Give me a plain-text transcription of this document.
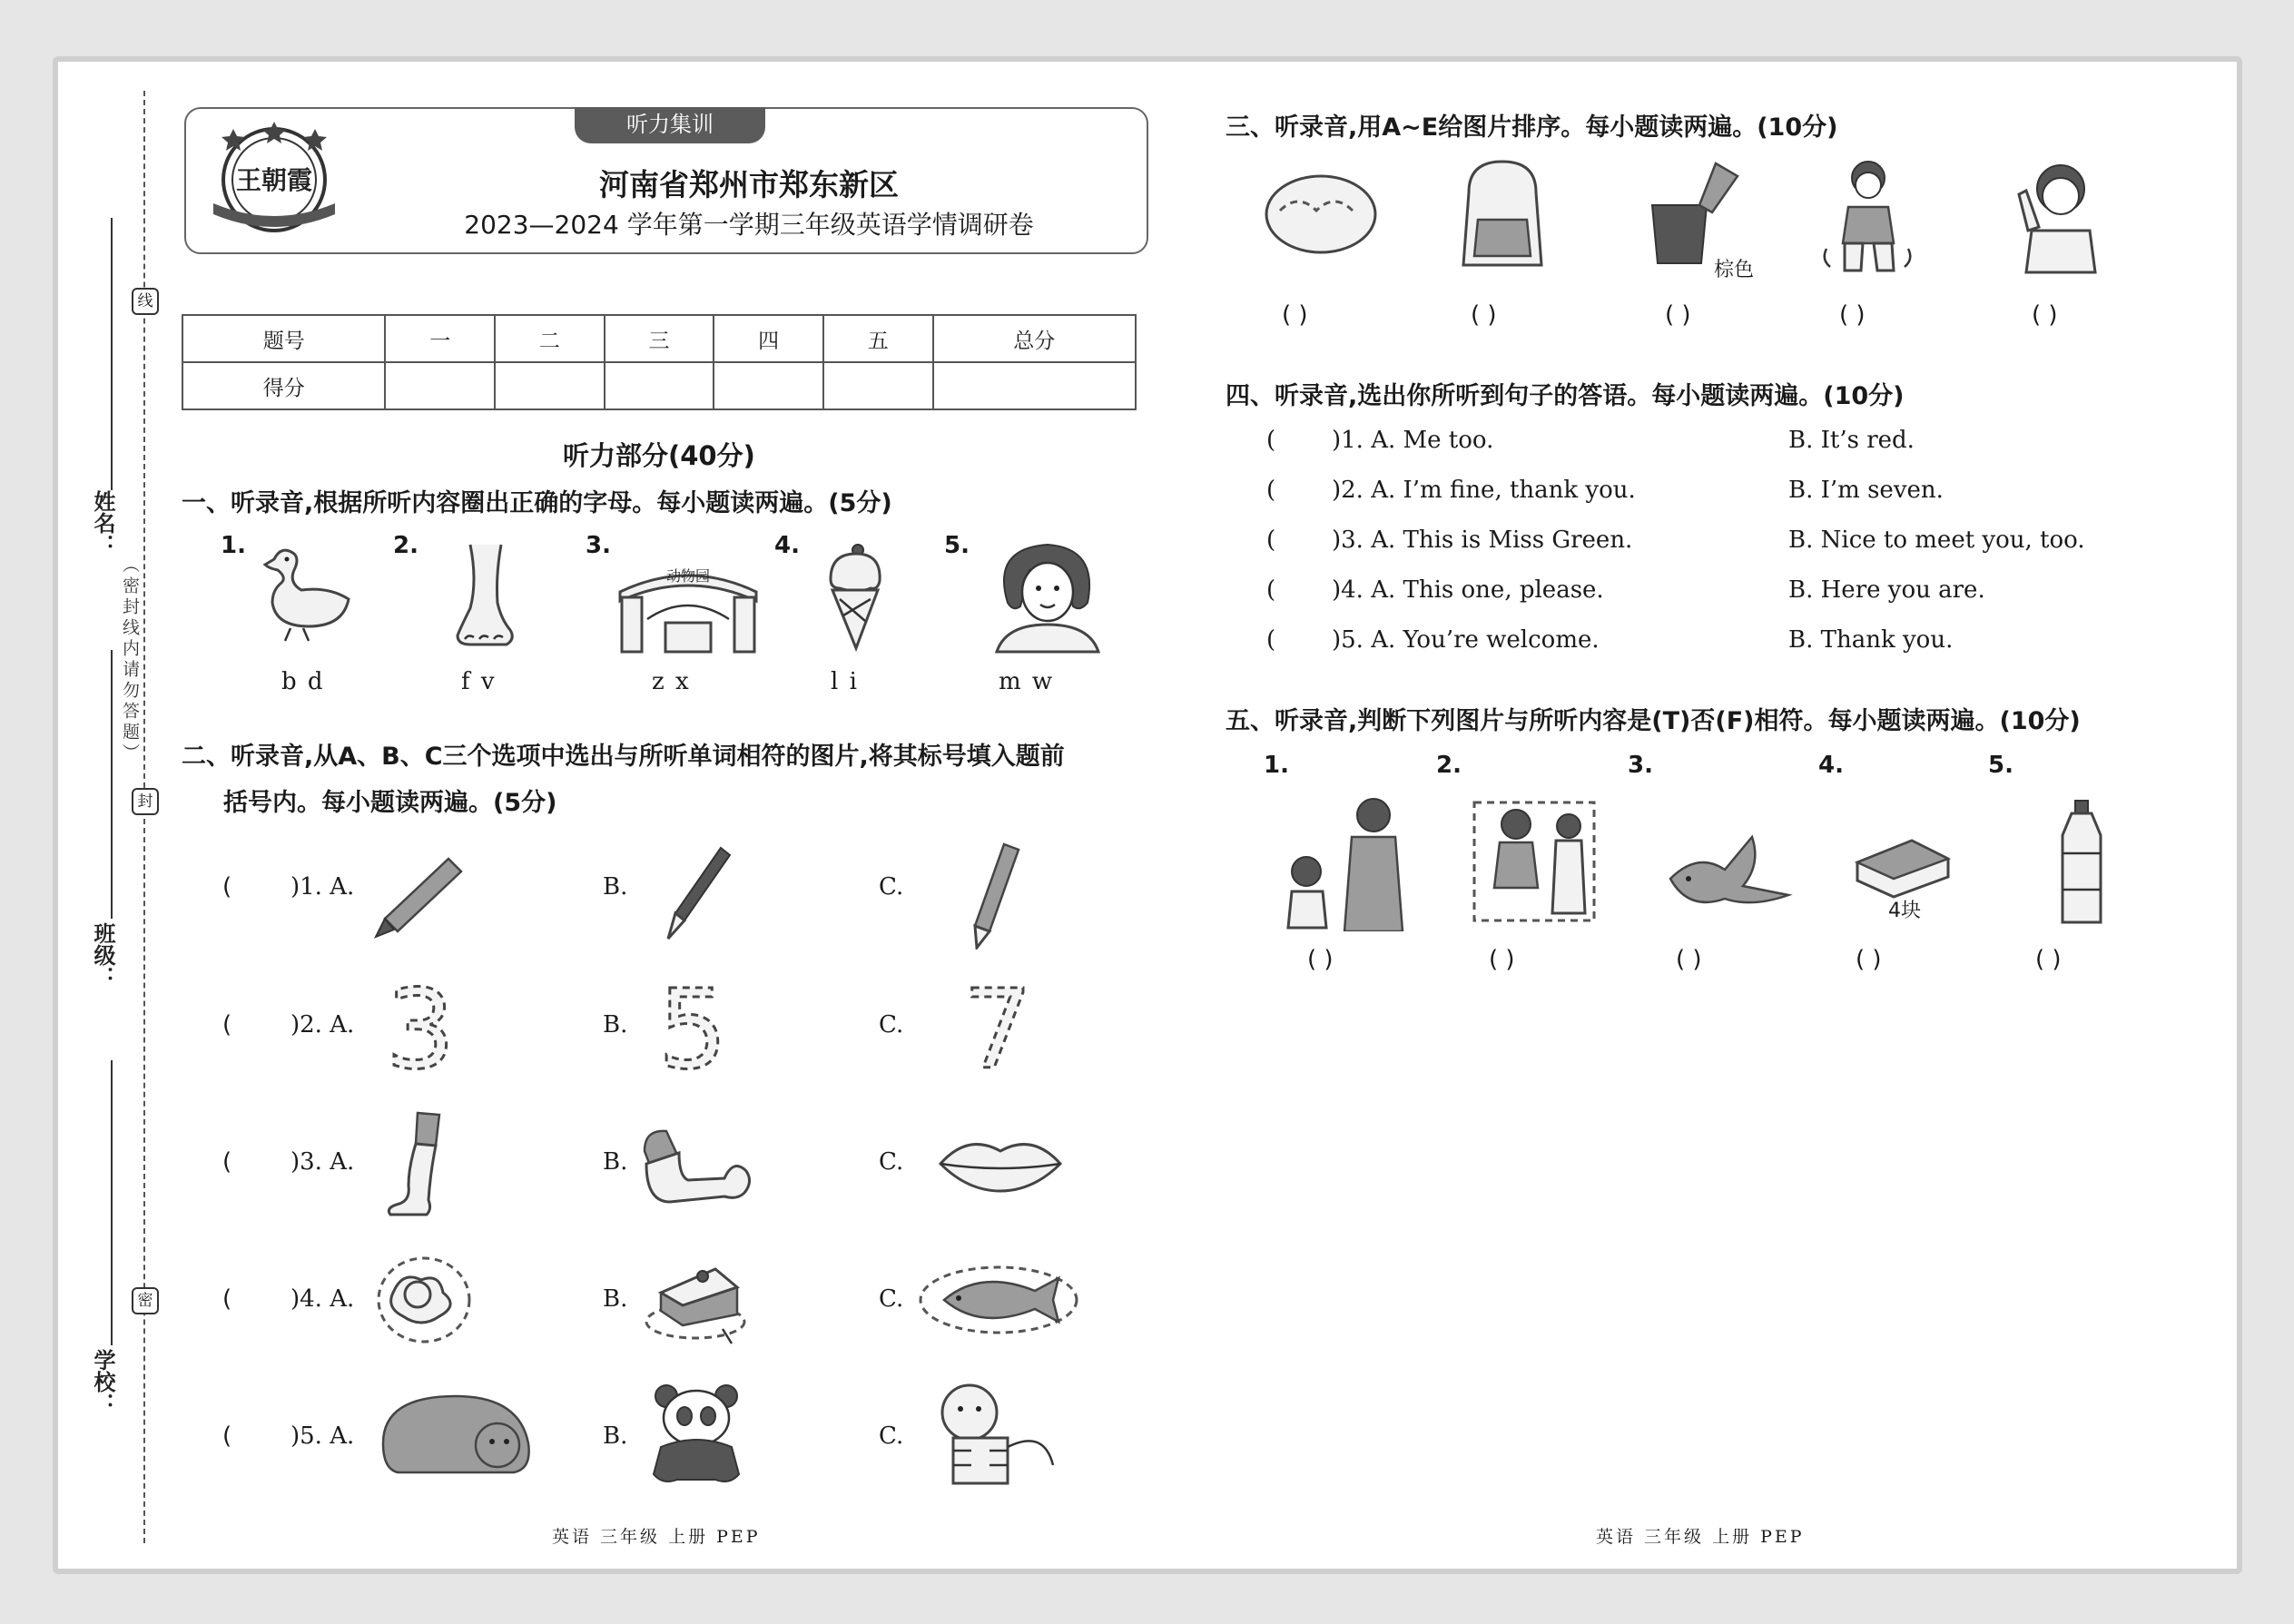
线
封
密
（密封线内请勿答题）
姓名：
班级：
学校：
听力集训
王朝霞	河南省郑州市郑东新区
2023—2024 学年第一学期三年级英语学情调研卷
题号	一	二	三	四	五	总分
得分						
听力部分(40分)
一、听录音,根据所听内容圈出正确的字母。每小题读两遍。(5分)
1.	2.	3.	4.	5.
动物园
b d	f v	z x	l i	m w
二、听录音,从A、B、C三个选项中选出与所听单词相符的图片,将其标号填入题前
括号内。每小题读两遍。(5分)
( )1. A.	B.	C.
( )2. A. 3	B. 5	C. 7
( )3. A.	B.	C.
( )4. A.	B.	C.
( )5. A.	B.	C.
三、听录音,用A~E给图片排序。每小题读两遍。(10分)
棕色
( )	( )	( )	( )	( )
四、听录音,选出你所听到句子的答语。每小题读两遍。(10分)
( )1. A. Me too.	B. It’s red.
( )2. A. I’m fine, thank you.	B. I’m seven.
( )3. A. This is Miss Green.	B. Nice to meet you, too.
( )4. A. This one, please.	B. Here you are.
( )5. A. You’re welcome.	B. Thank you.
五、听录音,判断下列图片与所听内容是(T)否(F)相符。每小题读两遍。(10分)
1.	2.	3.	4.	5.
4块
( )	( )	( )	( )	( )
英语 三年级 上册 PEP	英语 三年级 上册 PEP
